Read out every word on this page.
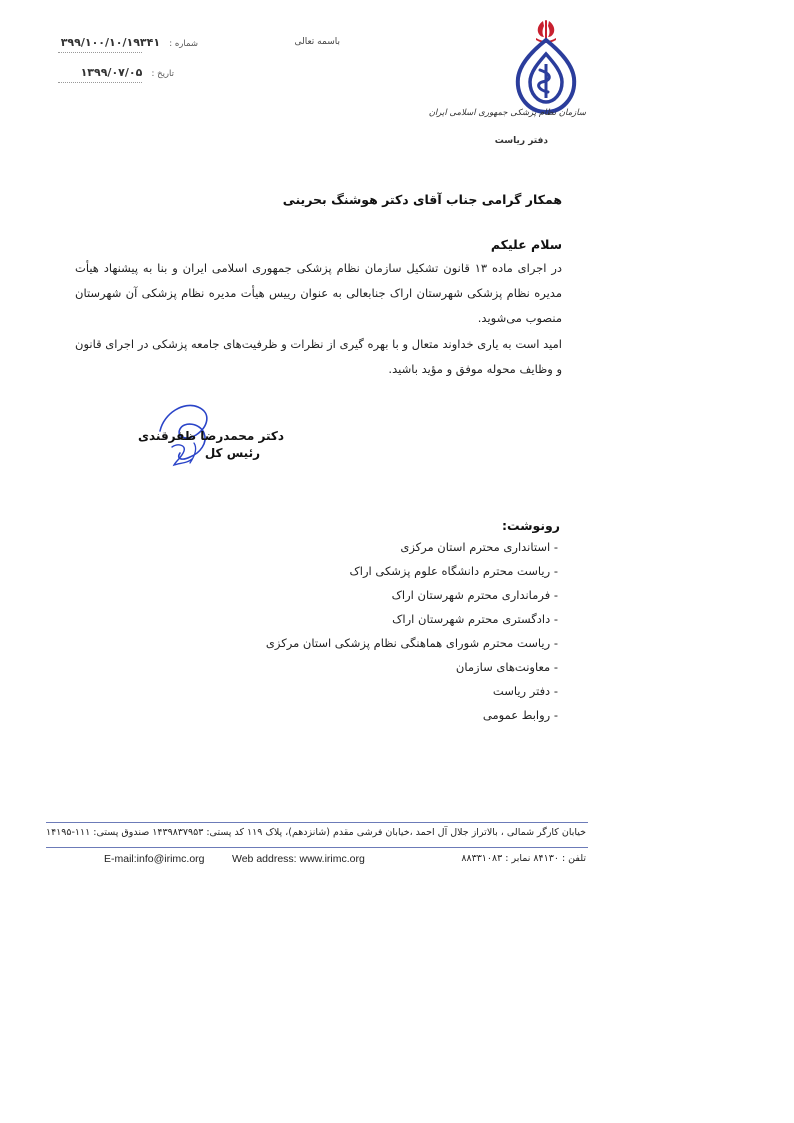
شماره : ۳۹۹/۱۰۰/۱۰/۱۹۳۴۱
تاریخ : ۱۳۹۹/۰۷/۰۵
باسمه تعالی
سازمان نظام پزشکی جمهوری اسلامی ایران
دفتر ریاست
همکار گرامی جناب آقای دکتر هوشنگ بحرینی
سلام علیکم
در اجرای ماده ۱۳ قانون تشکیل سازمان نظام پزشکی جمهوری اسلامی ایران و بنا به پیشنهاد هیأت مدیره نظام پزشکی شهرستان اراک جنابعالی به عنوان رییس هیأت مدیره نظام پزشکی آن شهرستان منصوب می‌شوید.
امید است به یاری خداوند متعال و با بهره گیری از نظرات و ظرفیت‌های جامعه پزشکی در اجرای قانون و وظایف محوله موفق و مؤید باشید.
دکتر محمدرضا ظفرقندی
رئیس کل
رونوشت:
- استانداری محترم استان مرکزی
- ریاست محترم دانشگاه علوم پزشکی اراک
- فرمانداری محترم شهرستان اراک
- دادگستری محترم شهرستان اراک
- ریاست محترم شورای هماهنگی نظام پزشکی استان مرکزی
- معاونت‌های سازمان
- دفتر ریاست
- روابط عمومی
خیابان کارگر شمالی ، بالاتراز جلال آل احمد ،خیابان فرشی مقدم (شانزدهم)، پلاک ۱۱۹ کد پستی: ۱۴۳۹۸۳۷۹۵۳ صندوق پستی: ۱۱۱-۱۴۱۹۵
تلفن : ۸۴۱۳۰ نمابر : ۸۸۳۳۱۰۸۳
Web address: www.irimc.org
E-mail:info@irimc.org
